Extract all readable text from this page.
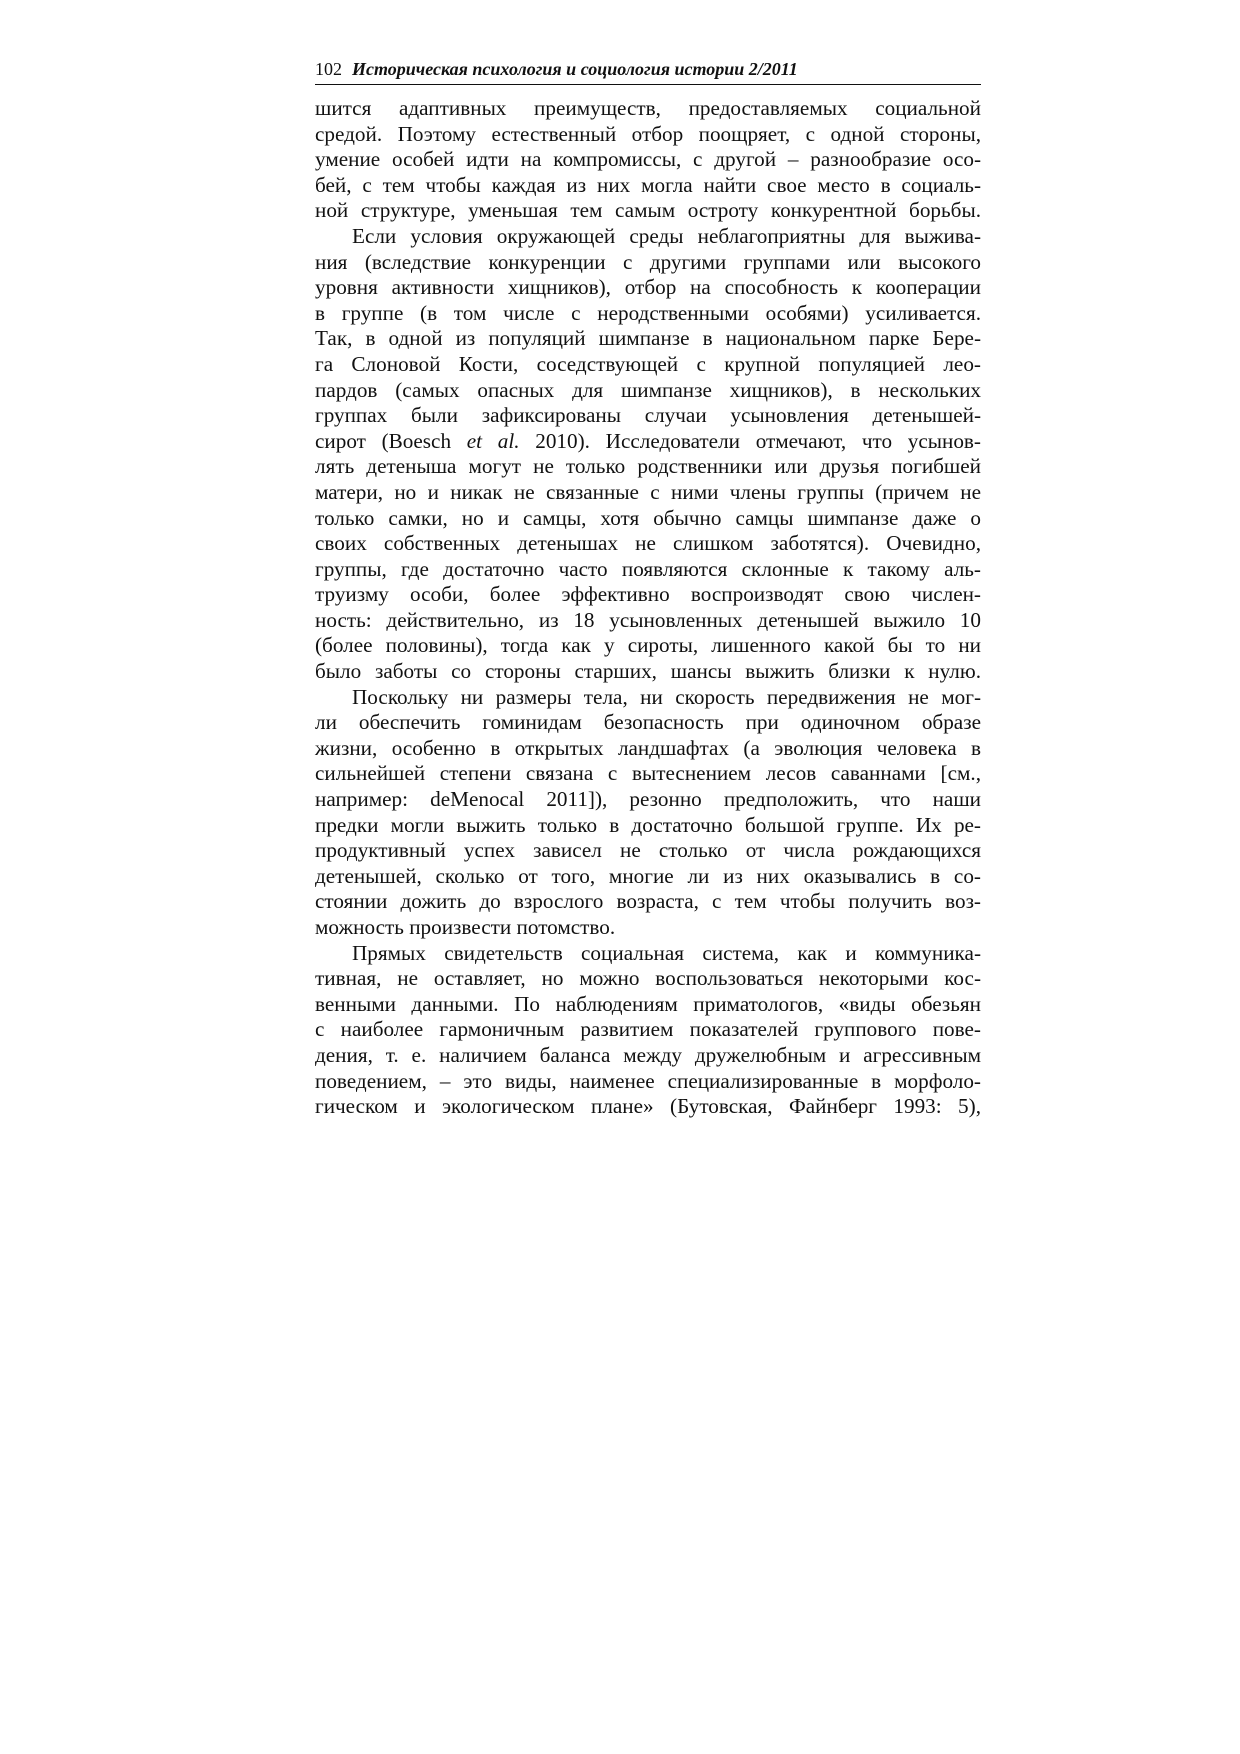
102 Историческая психология и социология истории 2/2011

шится адаптивных преимуществ, предоставляемых социальной
средой. Поэтому естественный отбор поощряет, с одной стороны,
умение особей идти на компромиссы, с другой – разнообразие осо-
бей, с тем чтобы каждая из них могла найти свое место в социаль-
ной структуре, уменьшая тем самым остроту конкурентной борьбы.

Если условия окружающей среды неблагоприятны для выжива-
ния (вследствие конкуренции с другими группами или высокого
уровня активности хищников), отбор на способность к кооперации
в группе (в том числе с неродственными особями) усиливается.
Так, в одной из популяций шимпанзе в национальном парке Бере-
га Слоновой Кости, соседствующей с крупной популяцией лео-
пардов (самых опасных для шимпанзе хищников), в нескольких
группах были зафиксированы случаи усыновления детенышей-
сирот (Boesch et al. 2010). Исследователи отмечают, что усынов-
лять детеныша могут не только родственники или друзья погибшей
матери, но и никак не связанные с ними члены группы (причем не
только самки, но и самцы, хотя обычно самцы шимпанзе даже о
своих собственных детенышах не слишком заботятся). Очевидно,
группы, где достаточно часто появляются склонные к такому аль-
труизму особи, более эффективно воспроизводят свою числен-
ность: действительно, из 18 усыновленных детенышей выжило 10
(более половины), тогда как у сироты, лишенного какой бы то ни
было заботы со стороны старших, шансы выжить близки к нулю.

Поскольку ни размеры тела, ни скорость передвижения не мог-
ли обеспечить гоминидам безопасность при одиночном образе
жизни, особенно в открытых ландшафтах (а эволюция человека в
сильнейшей степени связана с вытеснением лесов саваннами [см.,
например: deMenocal 2011]), резонно предположить, что наши
предки могли выжить только в достаточно большой группе. Их ре-
продуктивный успех зависел не столько от числа рождающихся
детенышей, сколько от того, многие ли из них оказывались в со-
стоянии дожить до взрослого возраста, с тем чтобы получить воз-
можность произвести потомство.

Прямых свидетельств социальная система, как и коммуника-
тивная, не оставляет, но можно воспользоваться некоторыми кос-
венными данными. По наблюдениям приматологов, «виды обезьян
с наиболее гармоничным развитием показателей группового пове-
дения, т. е. наличием баланса между дружелюбным и агрессивным
поведением, – это виды, наименее специализированные в морфоло-
гическом и экологическом плане» (Бутовская, Файнберг 1993: 5),
